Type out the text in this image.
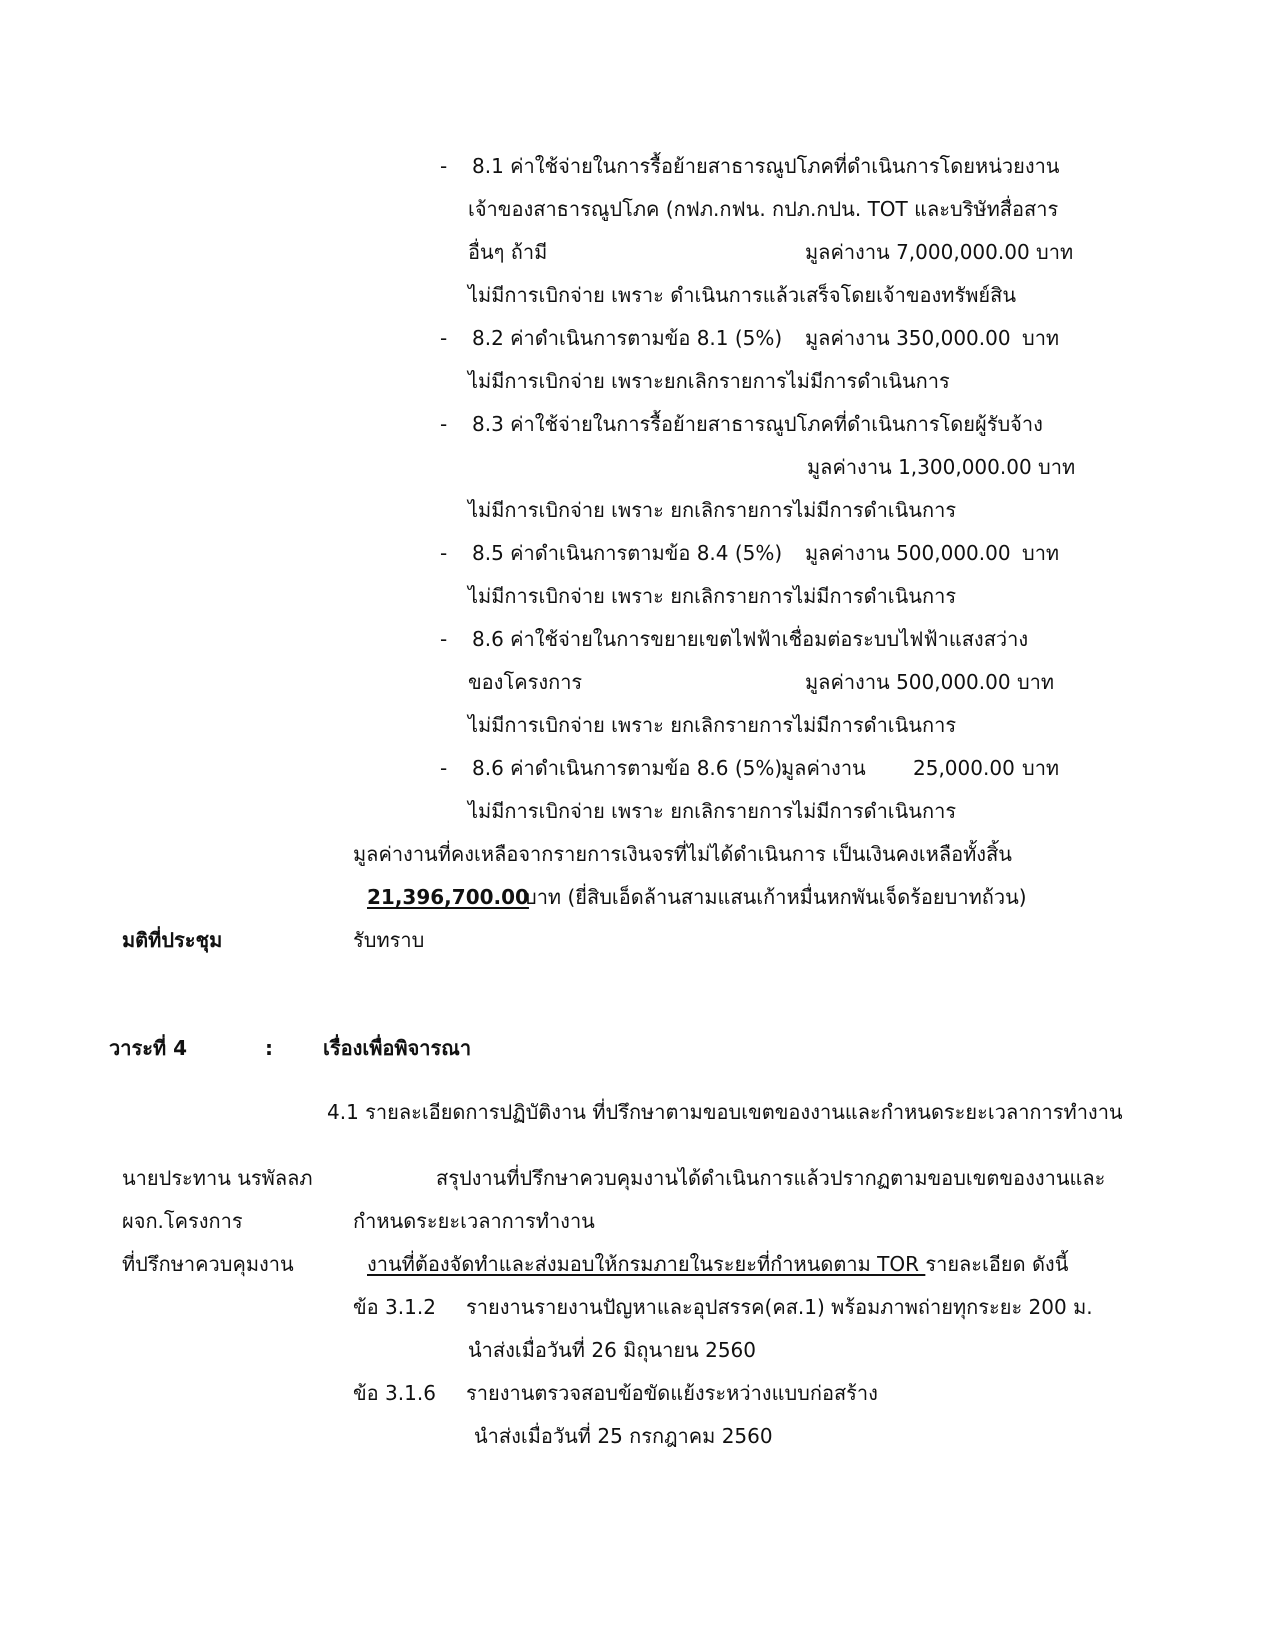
- 8.1 ค่าใช้จ่ายในการรื้อย้ายสาธารณูปโภคที่ดำเนินการโดยหน่วยงาน
เจ้าของสาธารณูปโภค (กฟภ.กฟน. กปภ.กปน. TOT และบริษัทสื่อสาร
อื่นๆ ถ้ามี	มูลค่างาน 7,000,000.00 บาท
ไม่มีการเบิกจ่าย เพราะ ดำเนินการแล้วเสร็จโดยเจ้าของทรัพย์สิน
- 8.2 ค่าดำเนินการตามข้อ 8.1 (5%) มูลค่างาน 350,000.00 บาท
ไม่มีการเบิกจ่าย เพราะยกเลิกรายการไม่มีการดำเนินการ
- 8.3 ค่าใช้จ่ายในการรื้อย้ายสาธารณูปโภคที่ดำเนินการโดยผู้รับจ้าง
มูลค่างาน 1,300,000.00 บาท
ไม่มีการเบิกจ่าย เพราะ ยกเลิกรายการไม่มีการดำเนินการ
- 8.5 ค่าดำเนินการตามข้อ 8.4 (5%) มูลค่างาน 500,000.00 บาท
ไม่มีการเบิกจ่าย เพราะ ยกเลิกรายการไม่มีการดำเนินการ
- 8.6 ค่าใช้จ่ายในการขยายเขตไฟฟ้าเชื่อมต่อระบบไฟฟ้าแสงสว่าง
ของโครงการ	มูลค่างาน 500,000.00 บาท
ไม่มีการเบิกจ่าย เพราะ ยกเลิกรายการไม่มีการดำเนินการ
- 8.6 ค่าดำเนินการตามข้อ 8.6 (5%)
มูลค่างาน 25,000.00 บาท
ไม่มีการเบิกจ่าย เพราะ ยกเลิกรายการไม่มีการดำเนินการ
มูลค่างานที่คงเหลือจากรายการเงินจรที่ไม่ได้ดำเนินการ เป็นเงินคงเหลือทั้งสิ้น
21,396,700.00
บาท (ยี่สิบเอ็ดล้านสามแสนเก้าหมื่นหกพันเจ็ดร้อยบาทถ้วน)
มติที่ประชุม	รับทราบ
วาระที่ 4	:	เรื่องเพื่อพิจารณา
4.1 รายละเอียดการปฏิบัติงาน ที่ปรึกษาตามขอบเขตของงานและกำหนดระยะเวลาการทำงาน
นายประทาน นรพัลลภ
ผจก.โครงการ
ที่ปรึกษาควบคุมงาน
สรุปงานที่ปรึกษาควบคุมงานได้ดำเนินการแล้วปรากฏตามขอบเขตของงานและ
กำหนดระยะเวลาการทำงาน
งานที่ต้องจัดทำและส่งมอบให้กรมภายในระยะที่กำหนดตาม TOR รายละเอียด ดังนี้
ข้อ 3.1.2 รายงานรายงานปัญหาและอุปสรรค(คส.1) พร้อมภาพถ่ายทุกระยะ 200 ม.
นำส่งเมื่อวันที่ 26 มิถุนายน 2560
ข้อ 3.1.6 รายงานตรวจสอบข้อขัดแย้งระหว่างแบบก่อสร้าง
นำส่งเมื่อวันที่ 25 กรกฎาคม 2560
